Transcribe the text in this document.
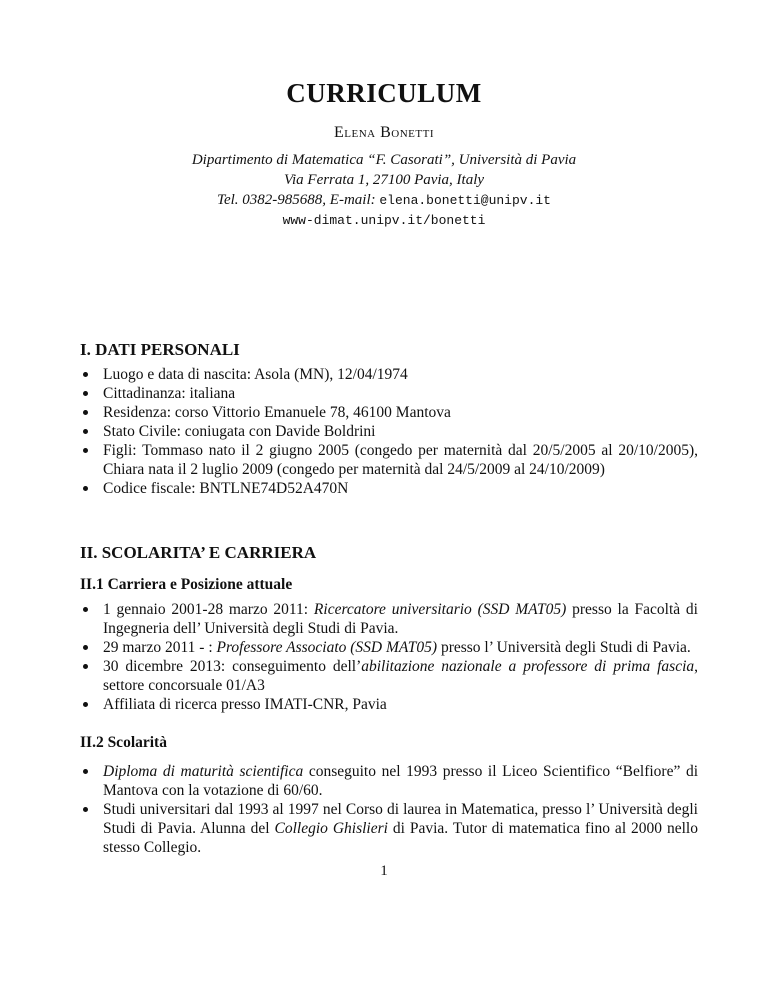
CURRICULUM
Elena Bonetti
Dipartimento di Matematica “F. Casorati”, Università di Pavia
Via Ferrata 1, 27100 Pavia, Italy
Tel. 0382-985688, E-mail: elena.bonetti@unipv.it
www-dimat.unipv.it/bonetti
I. DATI PERSONALI
Luogo e data di nascita: Asola (MN), 12/04/1974
Cittadinanza: italiana
Residenza: corso Vittorio Emanuele 78, 46100 Mantova
Stato Civile: coniugata con Davide Boldrini
Figli: Tommaso nato il 2 giugno 2005 (congedo per maternità dal 20/5/2005 al 20/10/2005), Chiara nata il 2 luglio 2009 (congedo per maternità dal 24/5/2009 al 24/10/2009)
Codice fiscale: BNTLNE74D52A470N
II. SCOLARITA’ E CARRIERA
II.1 Carriera e Posizione attuale
1 gennaio 2001-28 marzo 2011: Ricercatore universitario (SSD MAT05) presso la Facoltà di Ingegneria dell’ Università degli Studi di Pavia.
29 marzo 2011 - : Professore Associato (SSD MAT05) presso l’ Università degli Studi di Pavia.
30 dicembre 2013: conseguimento dell’abilitazione nazionale a professore di prima fascia, settore concorsuale 01/A3
Affiliata di ricerca presso IMATI-CNR, Pavia
II.2 Scolarità
Diploma di maturità scientifica conseguito nel 1993 presso il Liceo Scientifico “Belfiore” di Mantova con la votazione di 60/60.
Studi universitari dal 1993 al 1997 nel Corso di laurea in Matematica, presso l’ Università degli Studi di Pavia. Alunna del Collegio Ghislieri di Pavia. Tutor di matematica fino al 2000 nello stesso Collegio.
1
